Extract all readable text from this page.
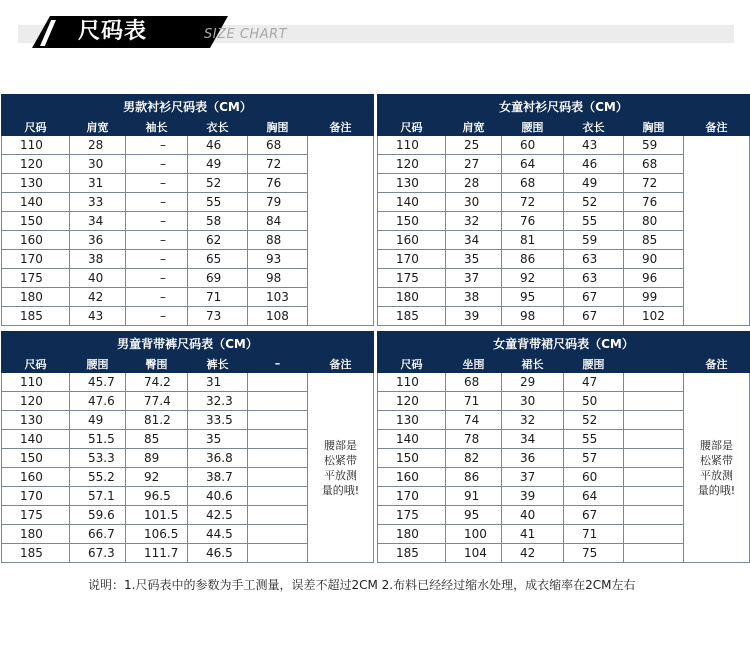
尺码表	SIZE CHART
男款衬衫尺码表（CM）					
尺码	肩宽	袖长	衣长	胸围	备注
110	28	–	46	68	
120	30	–	49	72	
130	31	–	52	76	
140	33	–	55	79	
150	34	–	58	84	
160	36	–	62	88	
170	38	–	65	93	
175	40	–	69	98	
180	42	–	71	103	
185	43	–	73	108	
女童衬衫尺码表（CM）					
尺码	肩宽	腰围	衣长	胸围	备注
110	25	60	43	59	
120	27	64	46	68	
130	28	68	49	72	
140	30	72	52	76	
150	32	76	55	80	
160	34	81	59	85	
170	35	86	63	90	
175	37	92	63	96	
180	38	95	67	99	
185	39	98	67	102	
男童背带裤尺码表（CM）					
尺码	腰围	臀围	裤长	–	备注
110	45.7	74.2	31		腰部是松紧带平放测量的哦!

120	47.6	77.4	32.3		
130	49	81.2	33.5		
140	51.5	85	35		
150	53.3	89	36.8		
160	55.2	92	38.7		
170	57.1	96.5	40.6		
175	59.6	101.5	42.5		
180	66.7	106.5	44.5		
185	67.3	111.7	46.5		
女童背带裙尺码表（CM）					
尺码	坐围	裙长	腰围		备注
110	68	29	47		腰部是松紧带平放测量的哦!

120	71	30	50		
130	74	32	52		
140	78	34	55		
150	82	36	57		
160	86	37	60		
170	91	39	64		
175	95	40	67		
180	100	41	71		
185	104	42	75		
说明：1.尺码表中的参数为手工测量，误差不超过2CM 2.布料已经经过缩水处理，成衣缩率在2CM左右
